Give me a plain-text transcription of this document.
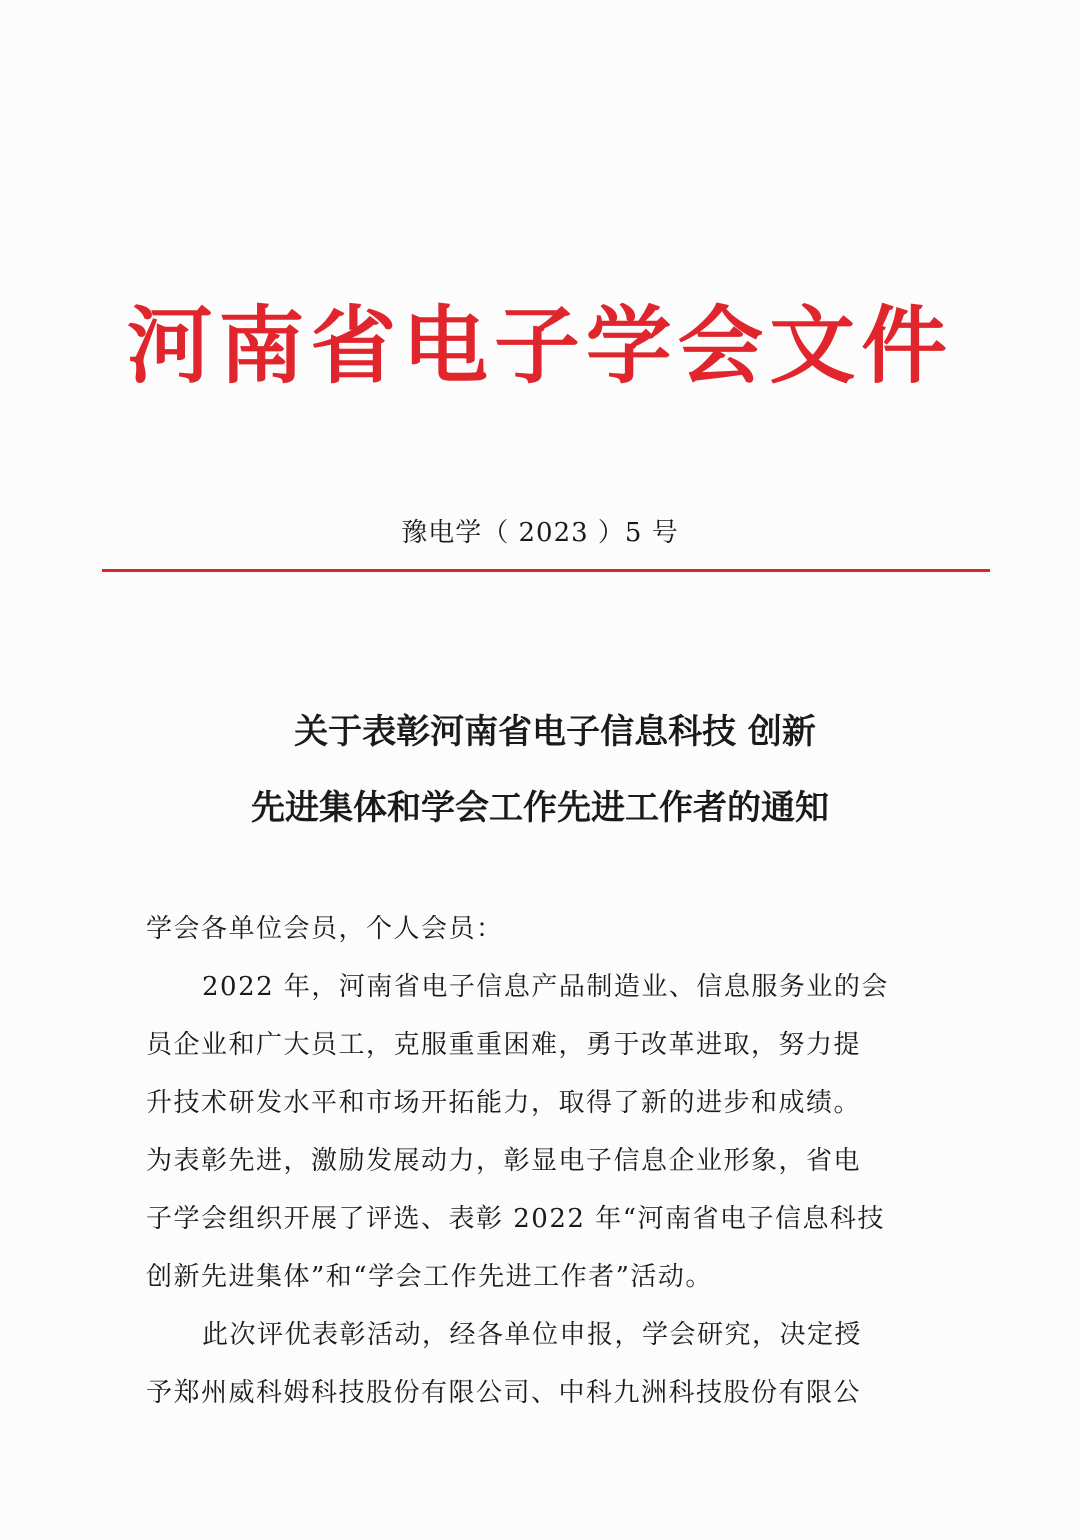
河南省电子学会文件
豫电学（ 2023 ）5 号
关于表彰河南省电子信息科技 创新
先进集体和学会工作先进工作者的通知

学会各单位会员，个人会员：

2022 年，河南省电子信息产品制造业、信息服务业的会

员企业和广大员工，克服重重困难，勇于改革进取，努力提

升技术研发水平和市场开拓能力，取得了新的进步和成绩。

为表彰先进，激励发展动力，彰显电子信息企业形象，省电

子学会组织开展了评选、表彰 2022 年“河南省电子信息科技

创新先进集体”和“学会工作先进工作者”活动。

此次评优表彰活动，经各单位申报，学会研究，决定授

予郑州威科姆科技股份有限公司、中科九洲科技股份有限公
